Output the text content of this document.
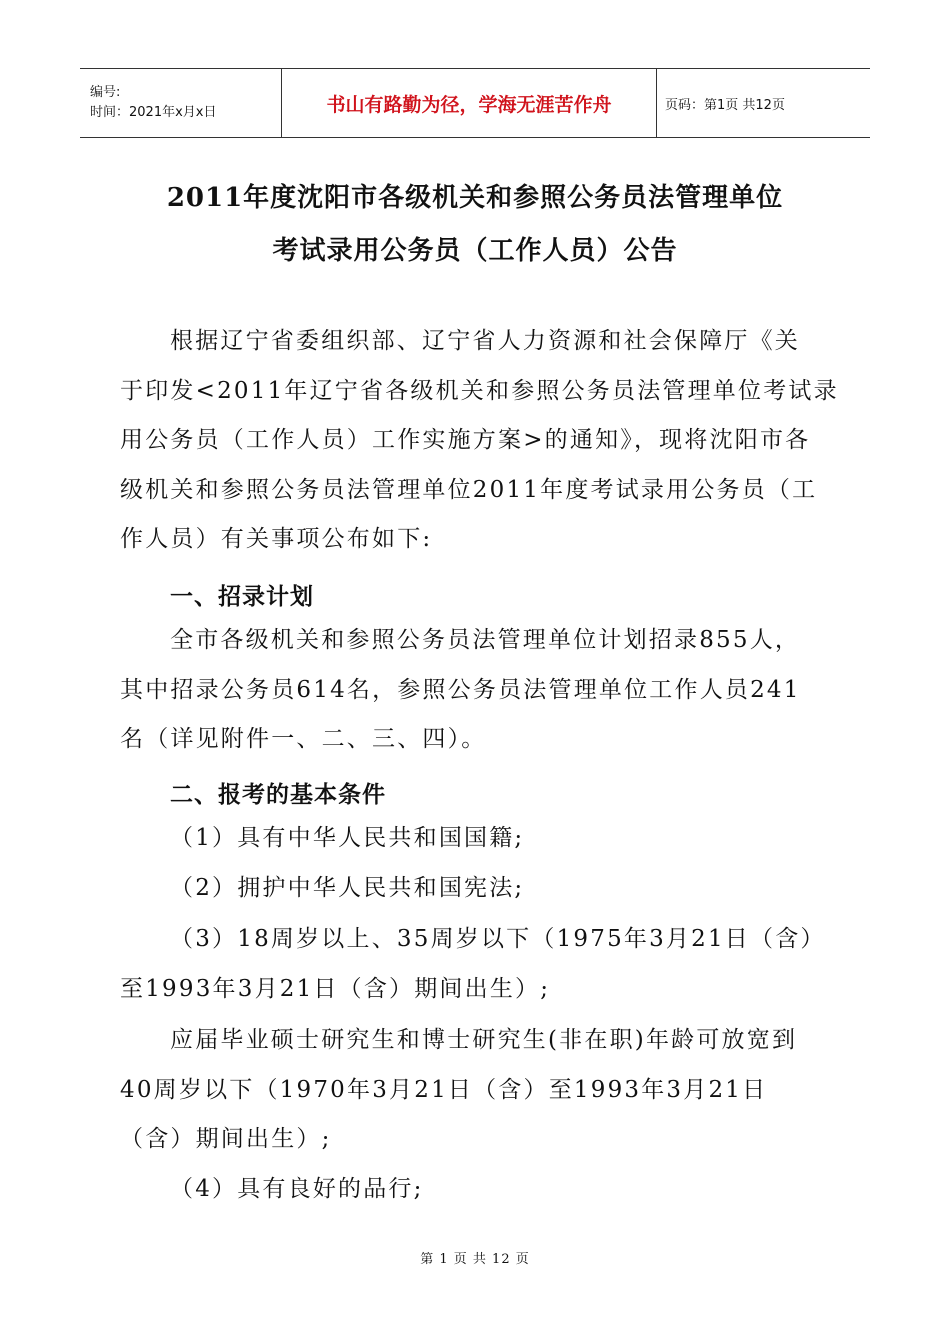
编号:
时间：2021年x月x日	书山有路勤为径，学海无涯苦作舟	页码：第1页 共12页
2011年度沈阳市各级机关和参照公务员法管理单位
考试录用公务员（工作人员）公告
根据辽宁省委组织部、辽宁省人力资源和社会保障厅《关
于印发<2011年辽宁省各级机关和参照公务员法管理单位考试录
用公务员（工作人员）工作实施方案>的通知》，现将沈阳市各
级机关和参照公务员法管理单位2011年度考试录用公务员（工
作人员）有关事项公布如下:
一、招录计划
全市各级机关和参照公务员法管理单位计划招录855人，
其中招录公务员614名，参照公务员法管理单位工作人员241
名（详见附件一、二、三、四）。
二、报考的基本条件
（1）具有中华人民共和国国籍;
（2）拥护中华人民共和国宪法;
（3）18周岁以上、35周岁以下（1975年3月21日（含）
至1993年3月21日（含）期间出生）;
应届毕业硕士研究生和博士研究生(非在职)年龄可放宽到
40周岁以下（1970年3月21日（含）至1993年3月21日
（含）期间出生）;
（4）具有良好的品行;
第 1 页 共 12 页
